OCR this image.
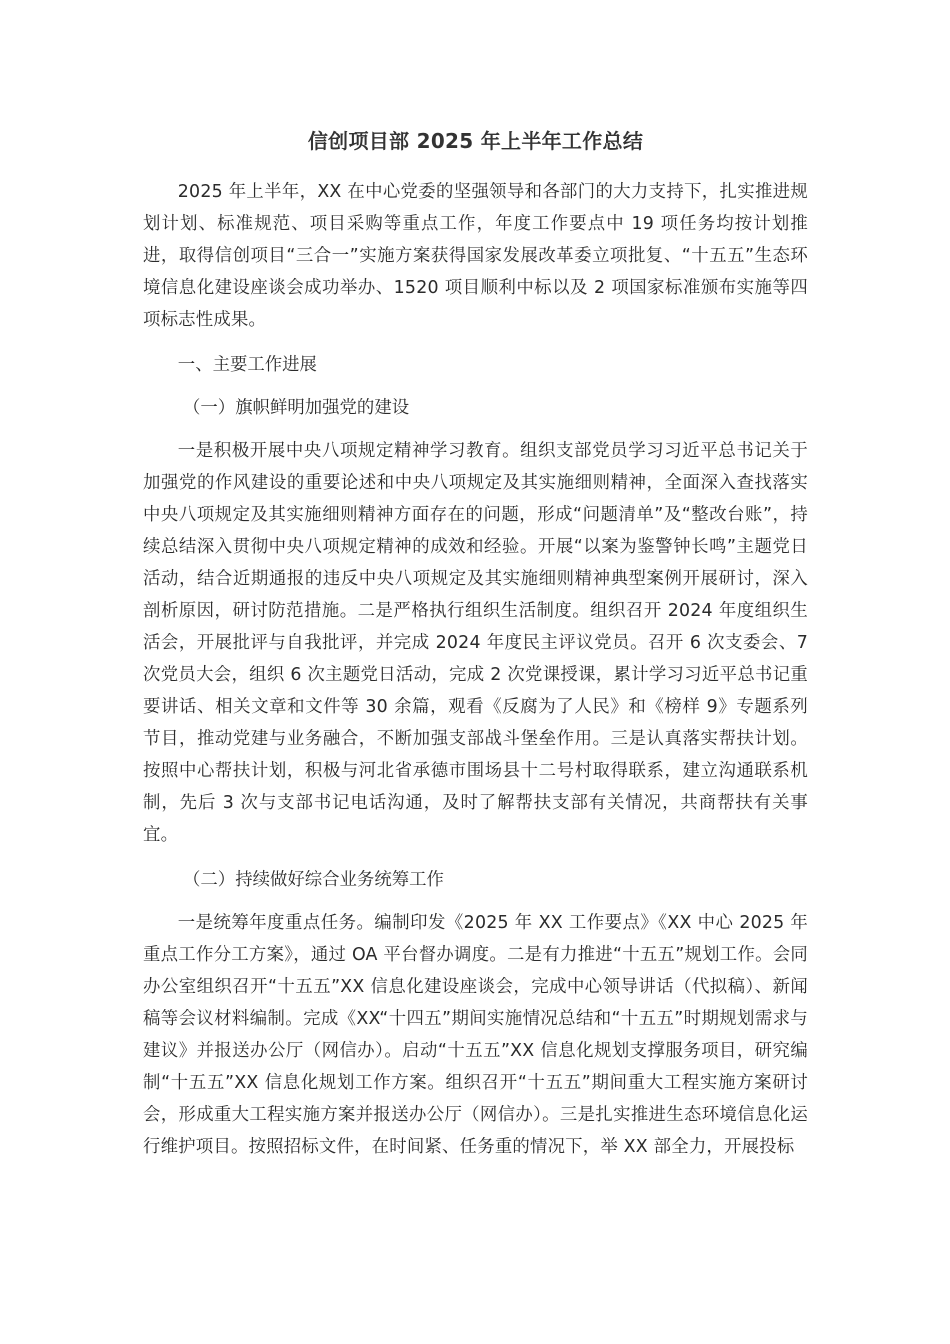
信创项目部 2025 年上半年工作总结

2025 年上半年，XX 在中心党委的坚强领导和各部门的大力支持下，扎实推进规划计划、标准规范、项目采购等重点工作，年度工作要点中 19 项任务均按计划推进，取得信创项目“三合一”实施方案获得国家发展改革委立项批复、“十五五”生态环境信息化建设座谈会成功举办、1520 项目顺利中标以及 2 项国家标准颁布实施等四项标志性成果。

一、主要工作进展
（一）旗帜鲜明加强党的建设

一是积极开展中央八项规定精神学习教育。组织支部党员学习习近平总书记关于加强党的作风建设的重要论述和中央八项规定及其实施细则精神，全面深入查找落实中央八项规定及其实施细则精神方面存在的问题，形成“问题清单”及“整改台账”，持续总结深入贯彻中央八项规定精神的成效和经验。开展“以案为鉴警钟长鸣”主题党日活动，结合近期通报的违反中央八项规定及其实施细则精神典型案例开展研讨，深入剖析原因，研讨防范措施。二是严格执行组织生活制度。组织召开 2024 年度组织生活会，开展批评与自我批评，并完成 2024 年度民主评议党员。召开 6 次支委会、7 次党员大会，组织 6 次主题党日活动，完成 2 次党课授课，累计学习习近平总书记重要讲话、相关文章和文件等 30 余篇，观看《反腐为了人民》和《榜样 9》专题系列节目，推动党建与业务融合，不断加强支部战斗堡垒作用。三是认真落实帮扶计划。按照中心帮扶计划，积极与河北省承德市围场县十二号村取得联系，建立沟通联系机制，先后 3 次与支部书记电话沟通，及时了解帮扶支部有关情况，共商帮扶有关事宜。

（二）持续做好综合业务统筹工作

一是统筹年度重点任务。编制印发《2025 年 XX 工作要点》《XX 中心 2025 年重点工作分工方案》，通过 OA 平台督办调度。二是有力推进“十五五”规划工作。会同办公室组织召开“十五五”XX 信息化建设座谈会，完成中心领导讲话（代拟稿）、新闻稿等会议材料编制。完成《XX“十四五”期间实施情况总结和“十五五”时期规划需求与建议》并报送办公厅（网信办）。启动“十五五”XX 信息化规划支撑服务项目，研究编制“十五五”XX 信息化规划工作方案。组织召开“十五五”期间重大工程实施方案研讨会，形成重大工程实施方案并报送办公厅（网信办）。三是扎实推进生态环境信息化运行维护项目。按照招标文件，在时间紧、任务重的情况下，举 XX 部全力，开展投标
